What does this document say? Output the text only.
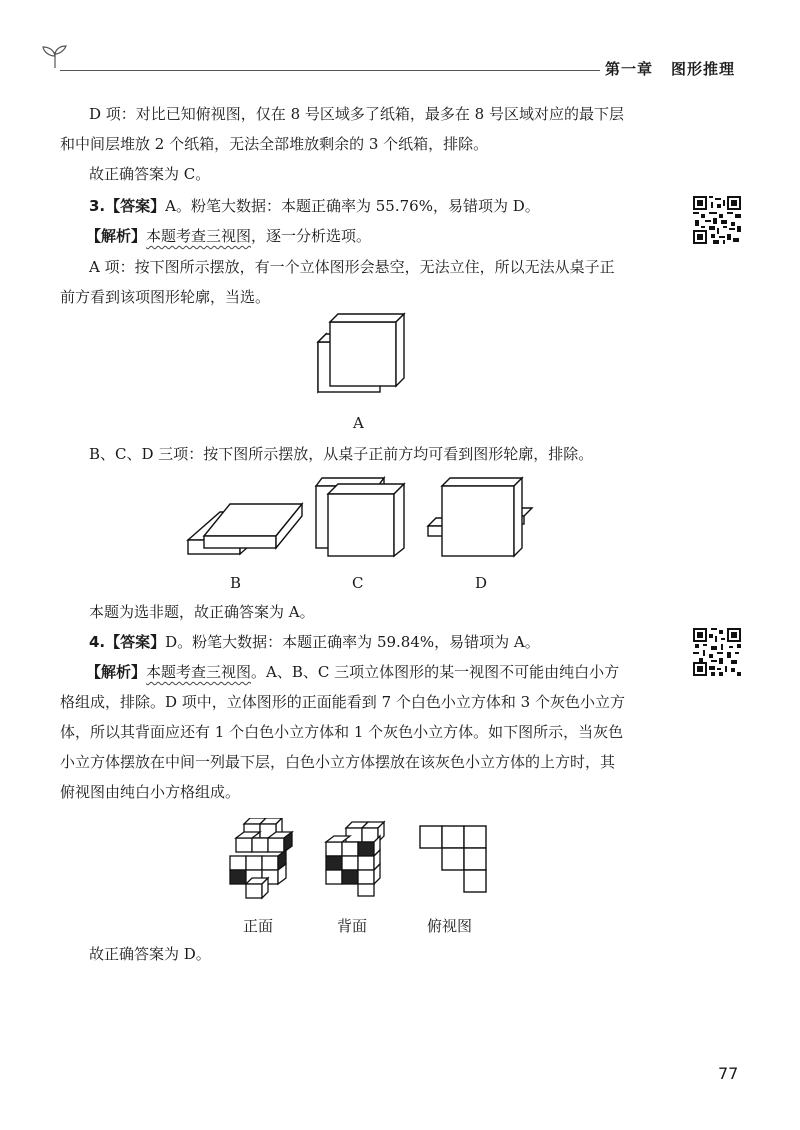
第一章 图形推理
D 项：对比已知俯视图，仅在 8 号区域多了纸箱，最多在 8 号区域对应的最下层
和中间层堆放 2 个纸箱，无法全部堆放剩余的 3 个纸箱，排除。
故正确答案为 C。
3.【答案】A。粉笔大数据：本题正确率为 55.76%，易错项为 D。
【解析】本题考查三视图，逐一分析选项。
A 项：按下图所示摆放，有一个立体图形会悬空，无法立住，所以无法从桌子正
前方看到该项图形轮廓，当选。
A
B、C、D 三项：按下图所示摆放，从桌子正前方均可看到图形轮廓，排除。
B	C	D
本题为选非题，故正确答案为 A。
4.【答案】D。粉笔大数据：本题正确率为 59.84%，易错项为 A。
【解析】本题考查三视图。A、B、C 三项立体图形的某一视图不可能由纯白小方
格组成，排除。D 项中，立体图形的正面能看到 7 个白色小立方体和 3 个灰色小立方
体，所以其背面应还有 1 个白色小立方体和 1 个灰色小立方体。如下图所示，当灰色
小立方体摆放在中间一列最下层，白色小立方体摆放在该灰色小立方体的上方时，其
俯视图由纯白小方格组成。
正面	背面	俯视图
故正确答案为 D。
77
